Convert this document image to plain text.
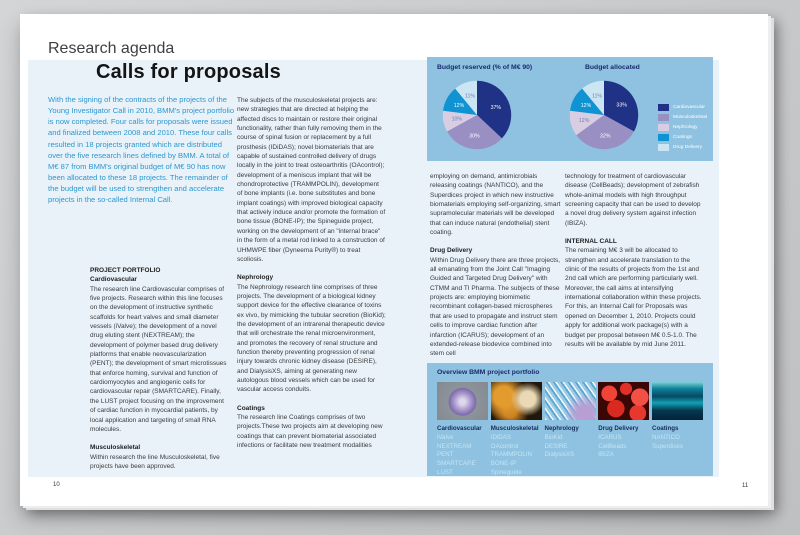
Research agenda
Calls for proposals
With the signing of the contracts of the projects of the Young Investigator Call in 2010, BMM's project portfolio is now completed. Four calls for proposals were issued and finalized between 2008 and 2010. These four calls resulted in 18 projects granted which are distributed over the five research lines defined by BMM. A total of M€ 87 from BMM's original budget of M€ 90 has now been allocated to these 18 projects. The remainder of the budget will be used to strengthen and accelerate projects in the so-called Internal Call.
PROJECT PORTFOLIO
Cardiovascular

The research line Cardiovascular comprises of five projects. Research within this line focuses on the development of instructive synthetic scaffolds for heart valves and small diameter vessels (iValve); the development of a novel drug eluting stent (NEXTREAM); the development of polymer based drug delivery platforms that enable neovascularization (PENT); the development of smart microtissues that enforce homing, survival and function of cardiomyocytes and angiogenic cells for cardiovascular repair (SMARTCARE). Finally, the LUST project focusing on the improvement of cardiac function in myocardial patients, by local application and targeting of small RNA molecules.

Musculoskeletal

Within research the line Musculoskeletal, five projects have been approved.

The subjects of the musculoskeletal projects are: new strategies that are directed at helping the affected discs to maintain or restore their original functionality, rather than fully removing them in the course of spinal fusion or replacement by a full prosthesis (IDiDAS); novel biomaterials that are capable of sustained controlled delivery of drugs locally in the joint to treat osteoarthritis (OAcontrol); development of a meniscus implant that will be chondroprotective (TRAMMPOLIN), development of bone implants (i.e. bone substitutes and bone implant coatings) with improved biological capacity that actively induce and/or promote the formation of bone tissue (BONE-IP); the Spineguide project, working on the development of an "internal brace" in the form of a metal rod linked to a construction of UHMWPE fiber (Dyneema Purity®) to treat scoliosis.

Nephrology

The Nephrology research line comprises of three projects. The development of a biological kidney support device for the effective clearance of toxins ex vivo, by mimicking the tubular secretion (BioKid); the development of an intrarenal therapeutic device that will orchestrate the renal microenvironment, and promotes the recovery of renal structure and function thereby preventing progression of renal injury towards chronic kidney disease (DESIRE), and DialysisXS, aiming at generating new autologous blood vessels which can be used for vascular access conduits.

Coatings

The research line Coatings comprises of two projects.These two projects aim at developing new coatings that can prevent biomaterial associated infections or facilitate new treatment modalities

employing on demand, antimicrobials releasing coatings (NANTICO), and the Superdices project in which new instructive biomaterials employing self-organizing, smart supramolecular materials will be developed that can induce natural (endothelial) stent coating.

Drug Delivery

Within Drug Delivery there are three projects, all emanating from the Joint Call "Imaging Guided and Targeted Drug Delivery" with CTMM and TI Pharma. The subjects of these projects are: employing biomimetic recombinant collagen-based microspheres that are used to propagate and instruct stem cells to improve cardiac function after infarction (ICARUS); development of an extended-release biodevice combined into stem cell

technology for treatment of cardiovascular disease (CellBeads); development of zebrafish whole-animal models with high throughput screening capacity that can be used to develop a novel drug delivery system against infection (IBIZA).

INTERNAL CALL

The remaining M€ 3 will be allocated to strengthen and accelerate translation to the clinic of the results of projects from the 1st and 2nd call which are performing particularly well. Moreover, the call aims at intensifying international collaboration within these projects. For this, an Internal Call for Proposals was opened on December 1, 2010. Projects could apply for additional work package(s) with a budget per proposal between M€ 0.5-1.0. The results will be available by mid June 2011.

Budget reserved (% of M€ 90)	Budget allocated
37%
30%
10%
12%
11%
33%
32%
12%
12%
11%
Cardiovascular
Musculoskeletal
Nephrology
Coatings
Drug Delivery
Overview BMM project portfolio
Cardiovascular
iValve
NEXTREAM
PENT
SMARTCARE
LUST
Musculoskeletal
IDiDAS
OAcontrol
TRAMMPOLIN
BONE-IP
Spineguide
Nephrology
BioKid
DESIRE
DialysisXS
Drug Delivery
ICARUS
CellBeads
IBIZA
Coatings
NANTICO
Superdices
10	11
